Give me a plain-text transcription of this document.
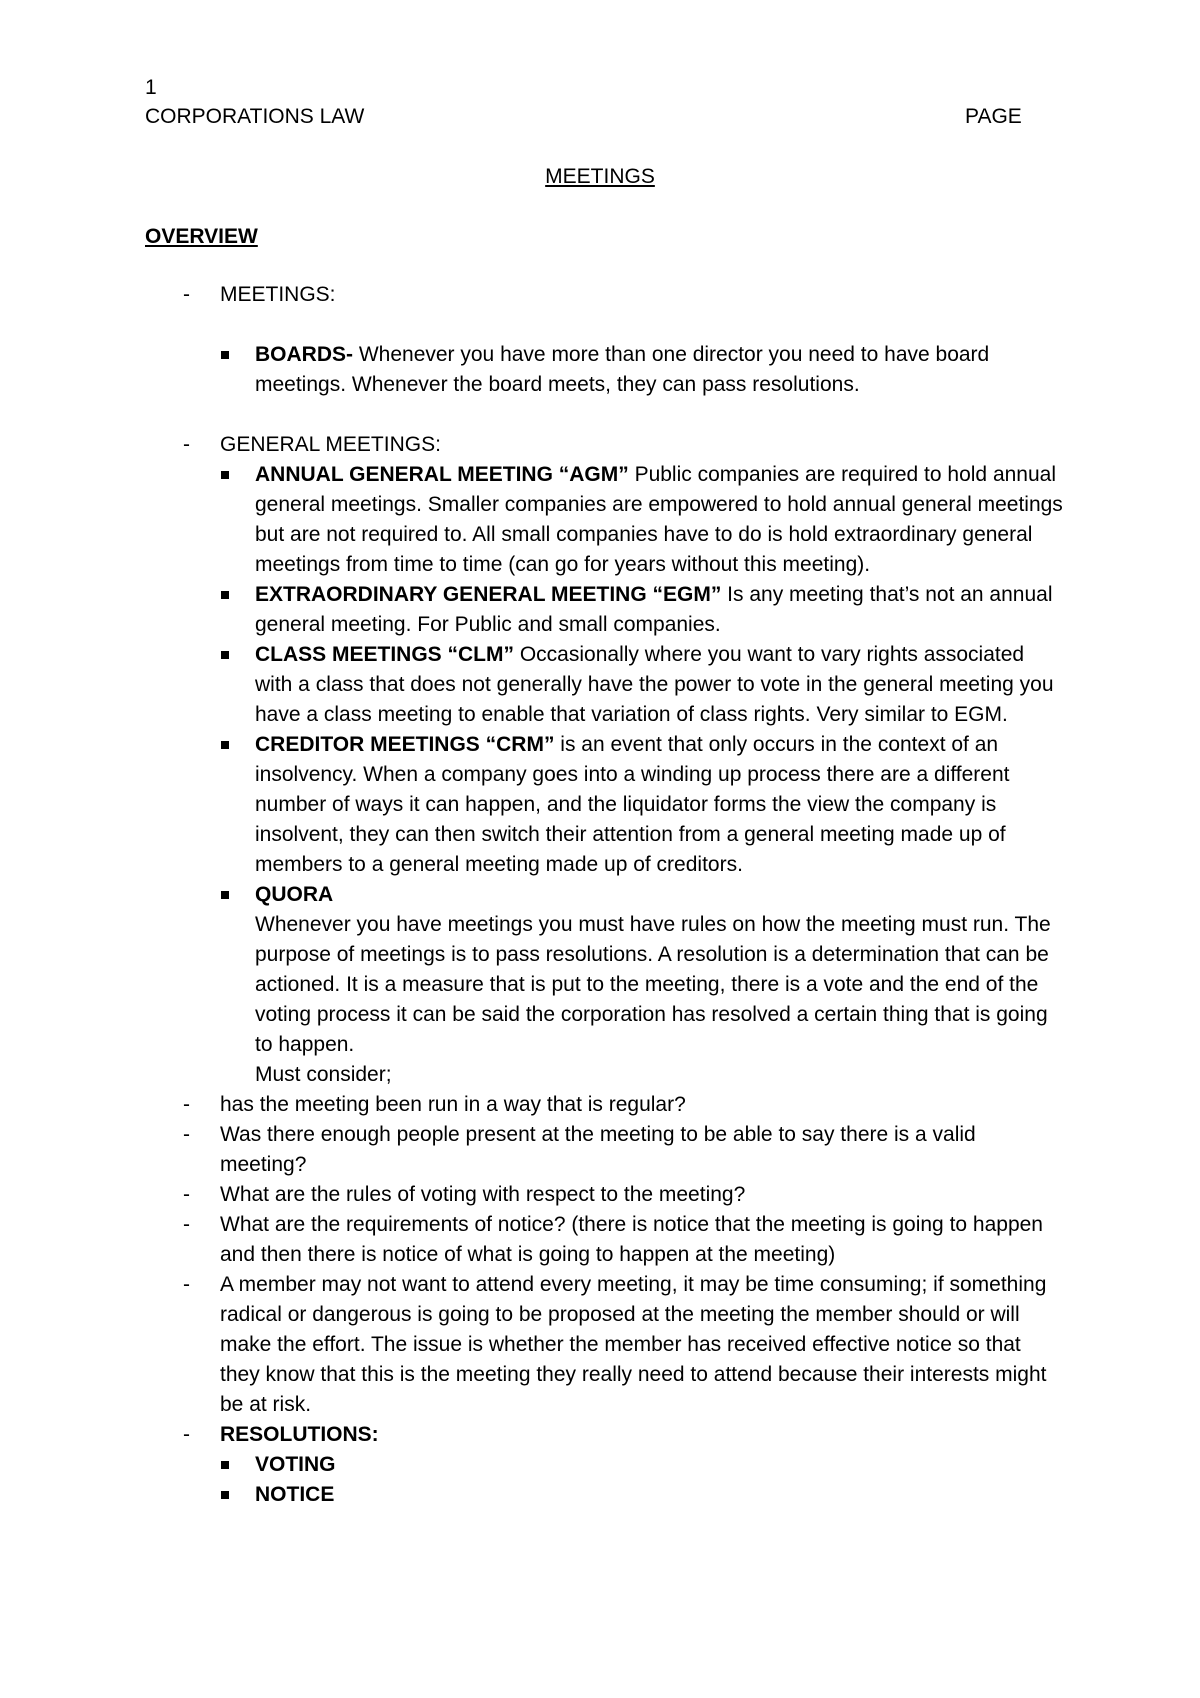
1
CORPORATIONS LAW	PAGE
MEETINGS
OVERVIEW
- MEETINGS:
BOARDS- Whenever you have more than one director you need to have board meetings. Whenever the board meets, they can pass resolutions.
- GENERAL MEETINGS:
ANNUAL GENERAL MEETING “AGM” Public companies are required to hold annual general meetings. Smaller companies are empowered to hold annual general meetings but are not required to. All small companies have to do is hold extraordinary general meetings from time to time (can go for years without this meeting).
EXTRAORDINARY GENERAL MEETING “EGM” Is any meeting that’s not an annual general meeting. For Public and small companies.
CLASS MEETINGS “CLM” Occasionally where you want to vary rights associated with a class that does not generally have the power to vote in the general meeting you have a class meeting to enable that variation of class rights. Very similar to EGM.
CREDITOR MEETINGS “CRM” is an event that only occurs in the context of an insolvency. When a company goes into a winding up process there are a different number of ways it can happen, and the liquidator forms the view the company is insolvent, they can then switch their attention from a general meeting made up of members to a general meeting made up of creditors.
QUORA
Whenever you have meetings you must have rules on how the meeting must run. The purpose of meetings is to pass resolutions. A resolution is a determination that can be actioned. It is a measure that is put to the meeting, there is a vote and the end of the voting process it can be said the corporation has resolved a certain thing that is going to happen.
Must consider;
- has the meeting been run in a way that is regular?
- Was there enough people present at the meeting to be able to say there is a valid meeting?
- What are the rules of voting with respect to the meeting?
- What are the requirements of notice? (there is notice that the meeting is going to happen and then there is notice of what is going to happen at the meeting)
- A member may not want to attend every meeting, it may be time consuming; if something radical or dangerous is going to be proposed at the meeting the member should or will make the effort. The issue is whether the member has received effective notice so that they know that this is the meeting they really need to attend because their interests might be at risk.
- RESOLUTIONS:
VOTING
NOTICE
